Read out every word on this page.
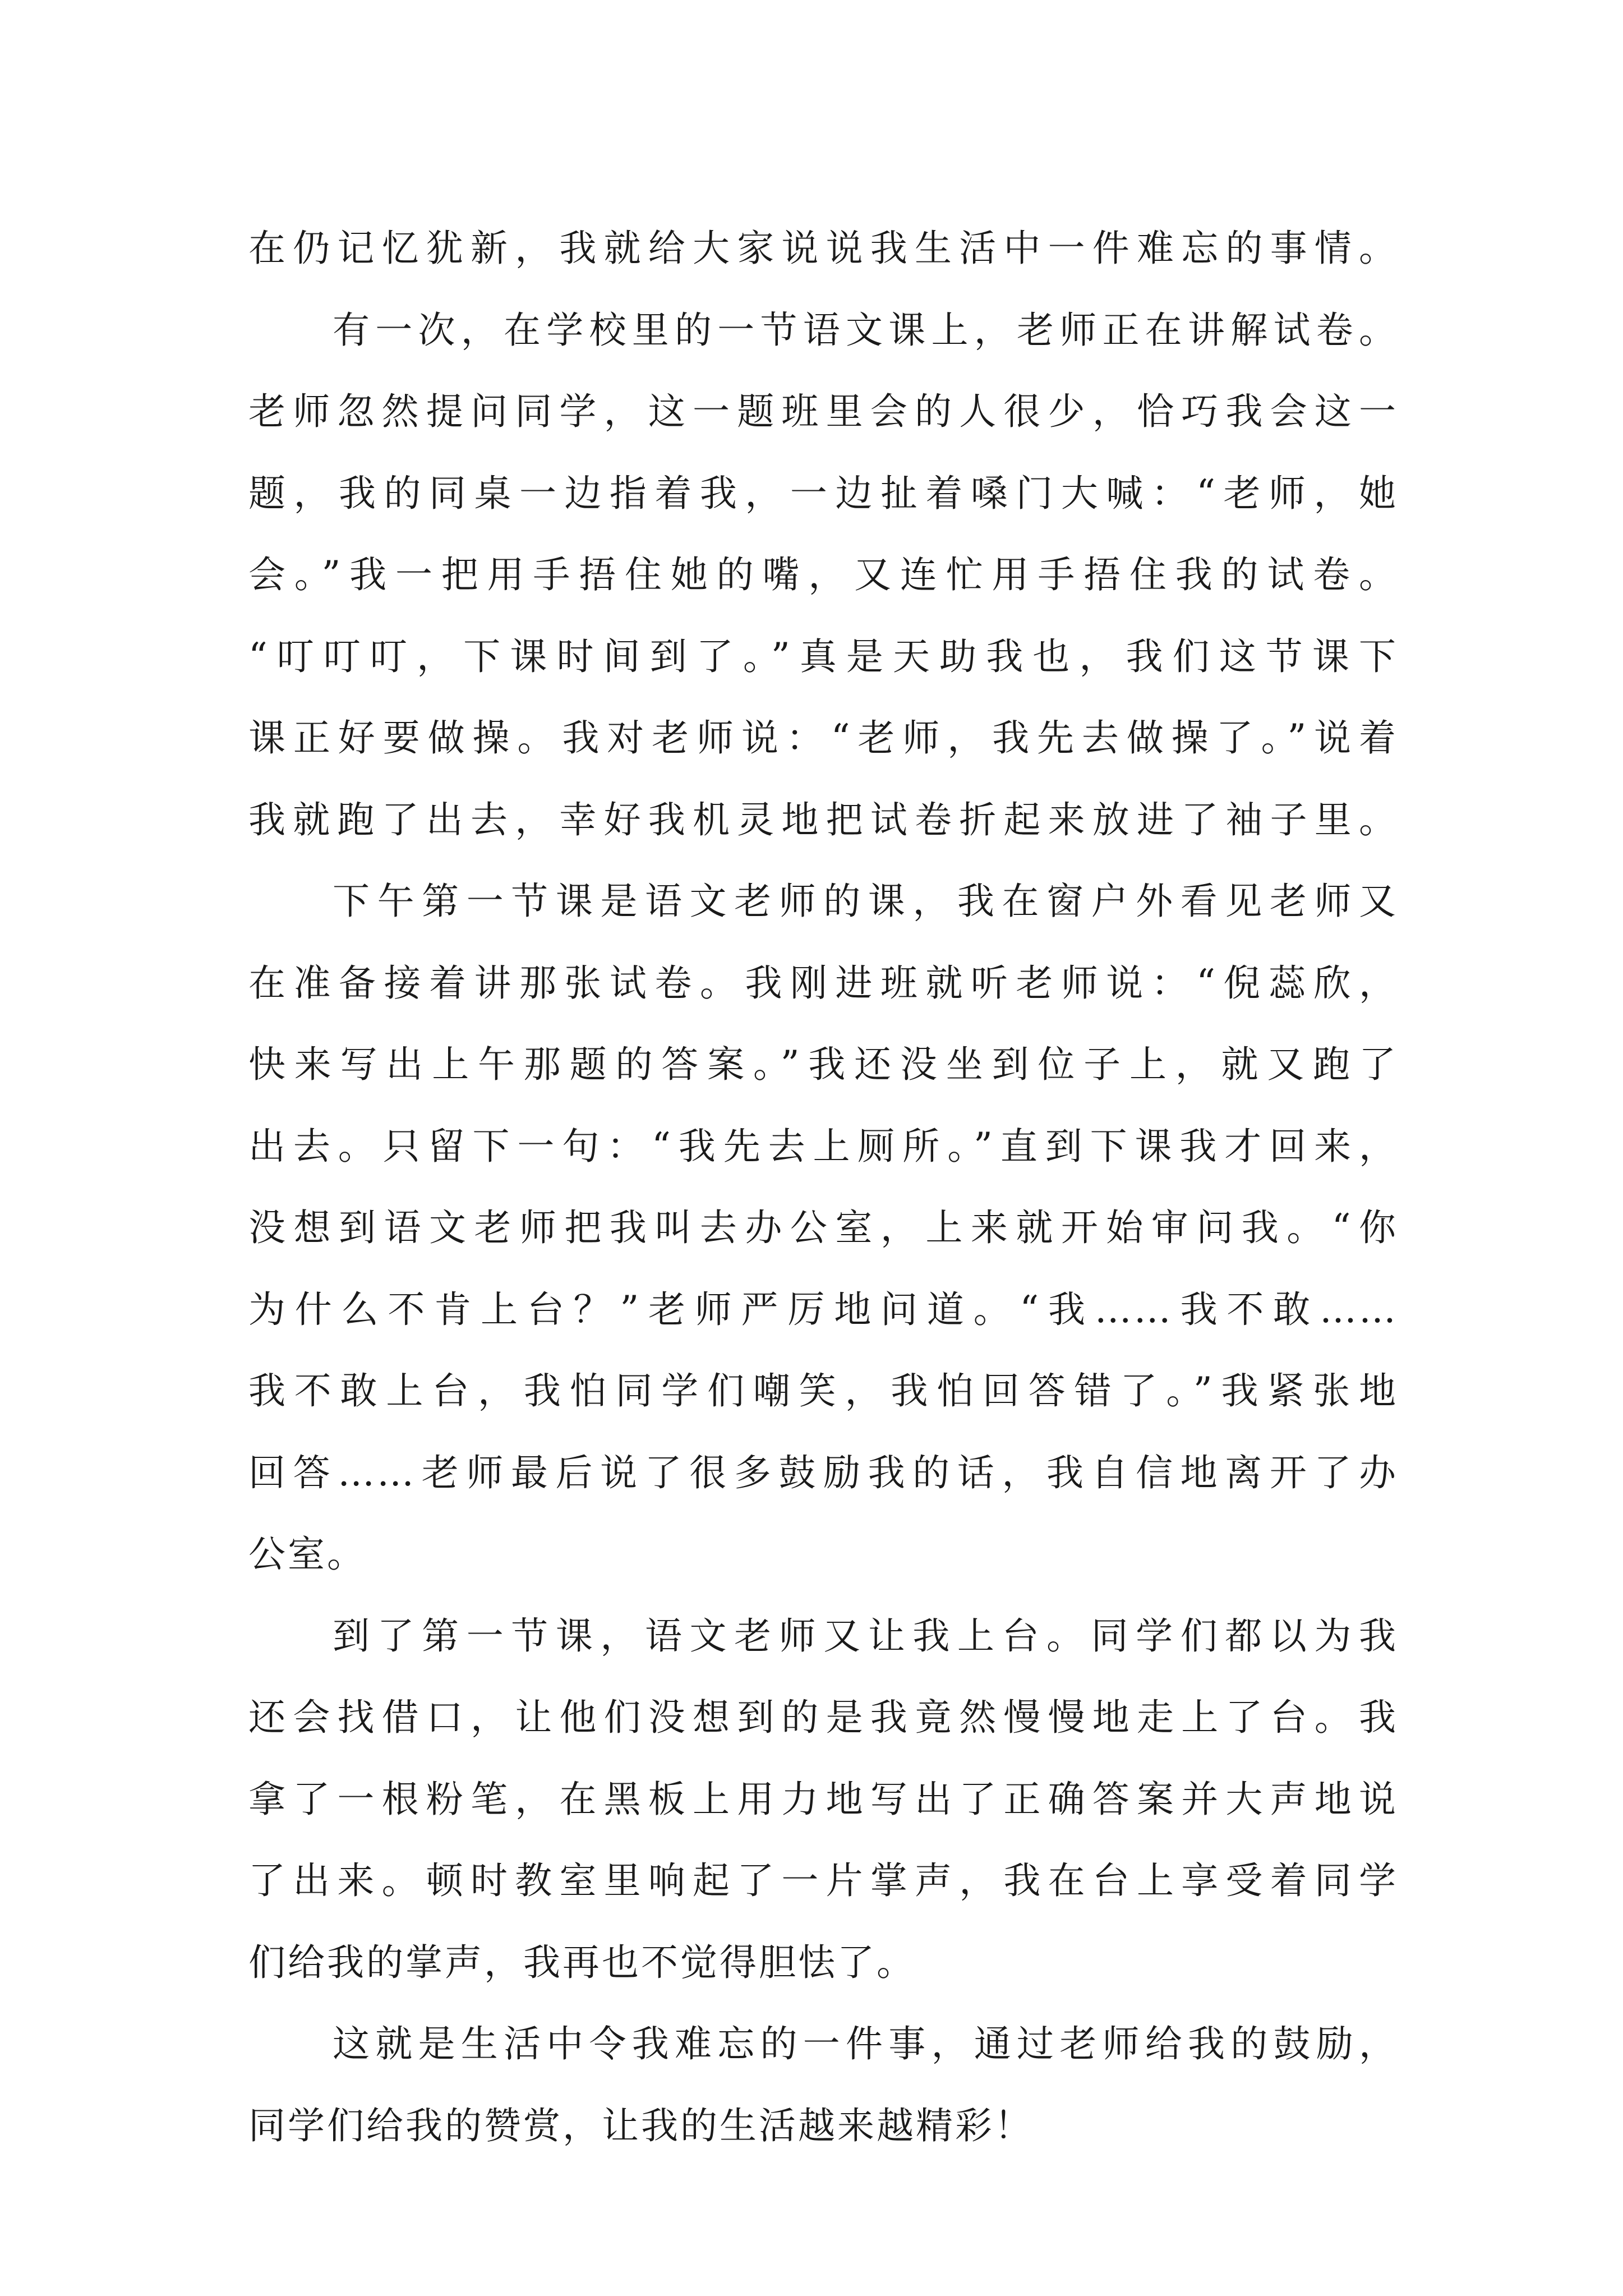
在仍记忆犹新，我就给大家说说我生活中一件难忘的事情。
有一次，在学校里的一节语文课上，老师正在讲解试卷。
老师忽然提问同学，这一题班里会的人很少，恰巧我会这一
题，我的同桌一边指着我，一边扯着嗓门大喊：“老师，她
会。”我一把用手捂住她的嘴，又连忙用手捂住我的试卷。
“叮叮叮，下课时间到了。”真是天助我也，我们这节课下
课正好要做操。我对老师说：“老师，我先去做操了。”说着
我就跑了出去，幸好我机灵地把试卷折起来放进了袖子里。
下午第一节课是语文老师的课，我在窗户外看见老师又
在准备接着讲那张试卷。我刚进班就听老师说：“倪蕊欣，
快来写出上午那题的答案。”我还没坐到位子上，就又跑了
出去。只留下一句：“我先去上厕所。”直到下课我才回来，
没想到语文老师把我叫去办公室，上来就开始审问我。“你
为什么不肯上台？”老师严厉地问道。“我……我不敢……
我不敢上台，我怕同学们嘲笑，我怕回答错了。”我紧张地
回答……老师最后说了很多鼓励我的话，我自信地离开了办
公室。
到了第一节课，语文老师又让我上台。同学们都以为我
还会找借口，让他们没想到的是我竟然慢慢地走上了台。我
拿了一根粉笔，在黑板上用力地写出了正确答案并大声地说
了出来。顿时教室里响起了一片掌声，我在台上享受着同学
们给我的掌声，我再也不觉得胆怯了。
这就是生活中令我难忘的一件事，通过老师给我的鼓励，
同学们给我的赞赏，让我的生活越来越精彩！
